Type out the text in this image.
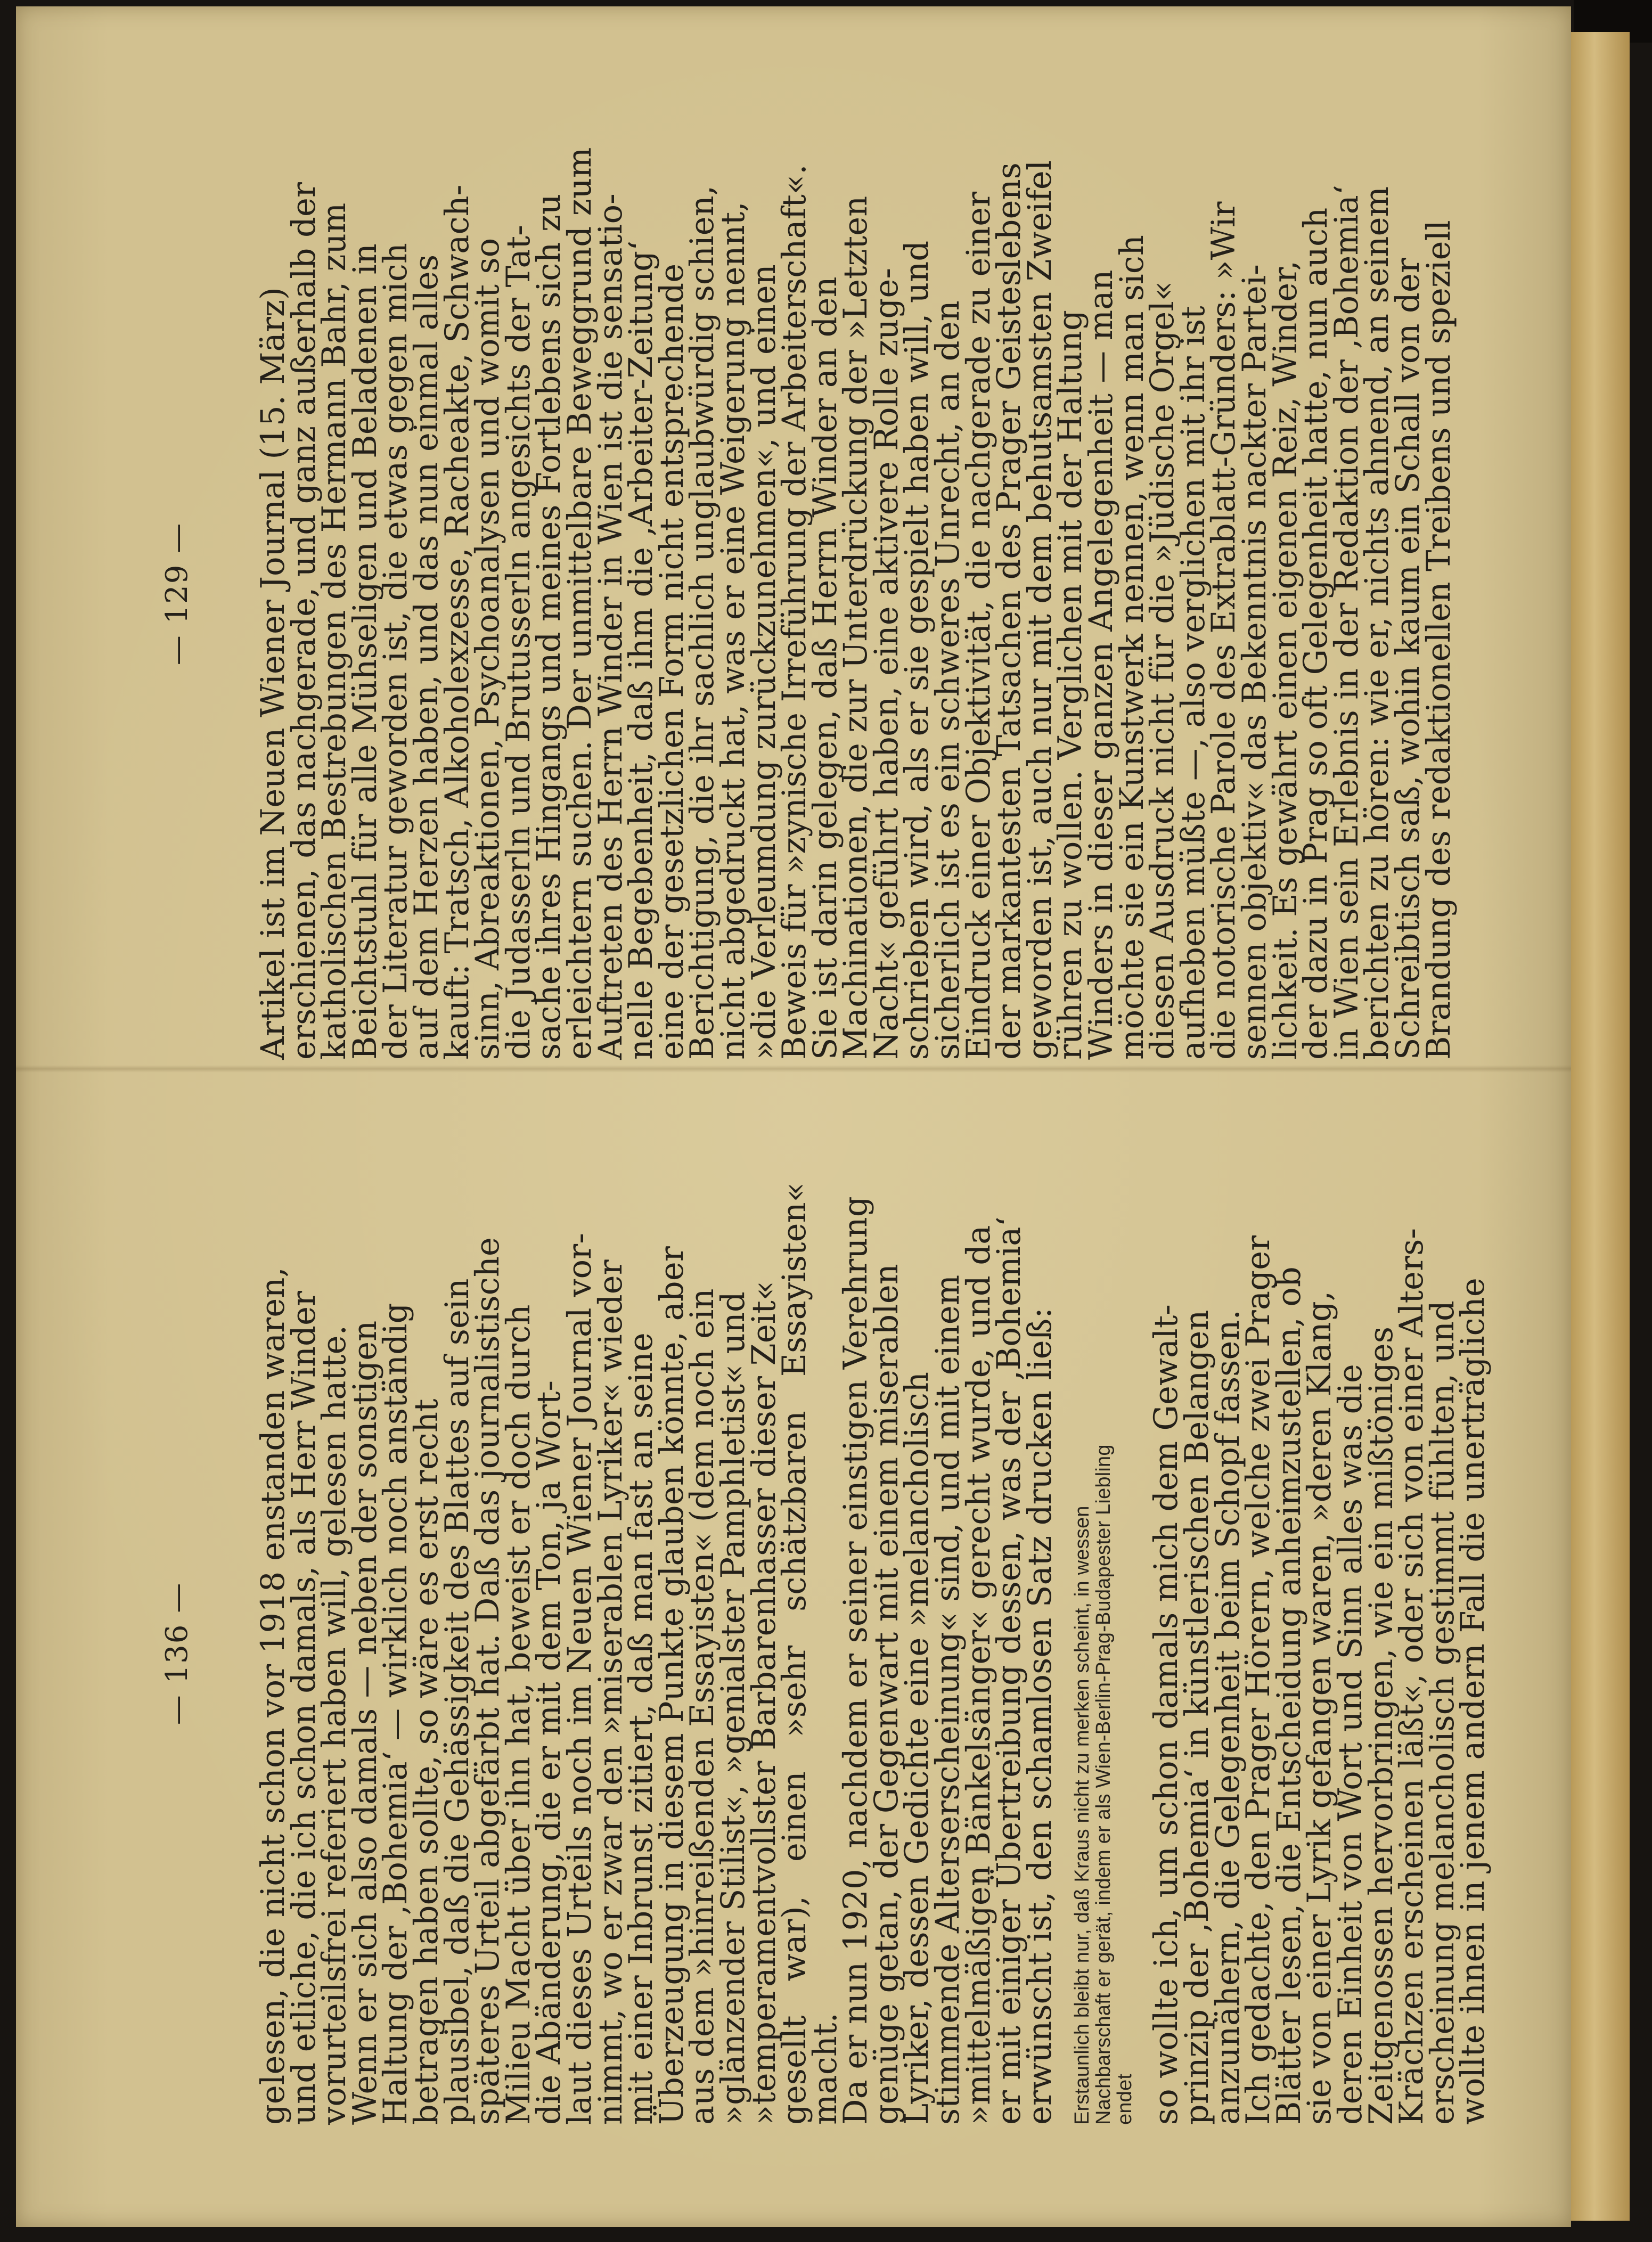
— 129 —

Artikel ist im Neuen Wiener Journal (15. März)
erschienen, das nachgerade, und ganz außerhalb der
katholischen Bestrebungen des Hermann Bahr, zum
Beichtstuhl für alle Mühseligen und Beladenen in
der Literatur geworden ist, die etwas gegen mich
auf dem Herzen haben, und das nun einmal alles
kauft: Tratsch, Alkoholexzesse, Racheakte, Schwach-
sinn, Abreaktionen, Psychoanalysen und womit so
die Judasserln und Brutusserln angesichts der Tat-
sache ihres Hingangs und meines Fortlebens sich zu
erleichtern suchen. Der unmittelbare Beweggrund zum
Auftreten des Herrn Winder in Wien ist die sensatio-
nelle Begebenheit, daß ihm die ‚Arbeiter-Zeitung‘
eine der gesetzlichen Form nicht entsprechende
Berichtigung, die ihr sachlich unglaubwürdig schien,
nicht abgedruckt hat, was er eine Weigerung nennt,
»die Verleumdung zurückzunehmen«, und einen
Beweis für »zynische Irreführung der Arbeiterschaft«.
Sie ist darin gelegen, daß Herrn Winder an den
Machinationen, die zur Unterdrückung der »Letzten
Nacht« geführt haben, eine aktivere Rolle zuge-
schrieben wird, als er sie gespielt haben will, und
sicherlich ist es ein schweres Unrecht, an den
Eindruck einer Objektivität, die nachgerade zu einer
der markantesten Tatsachen des Prager Geisteslebens
geworden ist, auch nur mit dem behutsamsten Zweifel
rühren zu wollen. Verglichen mit der Haltung
Winders in dieser ganzen Angelegenheit — man
möchte sie ein Kunstwerk nennen, wenn man sich
diesen Ausdruck nicht für die »Jüdische Orgel«
aufheben müßte —, also verglichen mit ihr ist
die notorische Parole des Extrablatt-Gründers: »Wir
sennen objektiv« das Bekenntnis nackter Partei-
lichkeit. Es gewährt einen eigenen Reiz, Winder,
der dazu in Prag so oft Gelegenheit hatte, nun auch
in Wien sein Erlebnis in der Redaktion der ‚Bohemia‘
berichten zu hören: wie er, nichts ahnend, an seinem
Schreibtisch saß, wohin kaum ein Schall von der
Brandung des redaktionellen Treibens und speziell

— 136 —

gelesen, die nicht schon vor 1918 enstanden waren,
und etliche, die ich schon damals, als Herr Winder
vorurteilsfrei referiert haben will, gelesen hatte.
Wenn er sich also damals — neben der sonstigen
Haltung der ‚Bohemia‘ — wirklich noch anständig
betragen haben sollte, so wäre es erst recht
plausibel, daß die Gehässigkeit des Blattes auf sein
späteres Urteil abgefärbt hat. Daß das journalistische
Milieu Macht über ihn hat, beweist er doch durch
die Abänderung, die er mit dem Ton, ja Wort-
laut dieses Urteils noch im Neuen Wiener Journal vor-
nimmt, wo er zwar den »miserablen Lyriker« wieder
mit einer Inbrunst zitiert, daß man fast an seine
Überzeugung in diesem Punkte glauben könnte, aber
aus dem »hinreißenden Essayisten« (dem noch ein
»glänzender Stilist«, »genialster Pamphletist« und
»temperamentvollster Barbarenhasser dieser Zeit«
gesellt war), einen »sehr schätzbaren Essayisten« macht.
Da er nun 1920, nachdem er seiner einstigen Verehrung
genüge getan, der Gegenwart mit einem miserablen
Lyriker, dessen Gedichte eine »melancholisch
stimmende Alterserscheinung« sind, und mit einem
»mittelmäßigen Bänkelsänger« gerecht wurde, und da
er mit einiger Übertreibung dessen, was der ‚Bohemia‘
erwünscht ist, den schamlosen Satz drucken ließ:

Erstaunlich bleibt nur, daß Kraus nicht zu merken scheint, in wessen
Nachbarschaft er gerät, indem er als Wien-Berlin-Prag-Budapester Liebling
endet so wollte ich, um schon damals mich dem Gewalt-
prinzip der ‚Bohemia‘ in künstlerischen Belangen
anzunähern, die Gelegenheit beim Schopf fassen.
Ich gedachte, den Prager Hörern, welche zwei Prager
Blätter lesen, die Entscheidung anheimzustellen, ob
sie von einer Lyrik gefangen waren, »deren Klang,
deren Einheit von Wort und Sinn alles was die
Zeitgenossen hervorbringen, wie ein mißtöniges
Krächzen erscheinen läßt«, oder sich von einer Alters-
erscheinung melancholisch gestimmt fühlten, und
wollte ihnen in jenem andern Fall die unerträgliche
